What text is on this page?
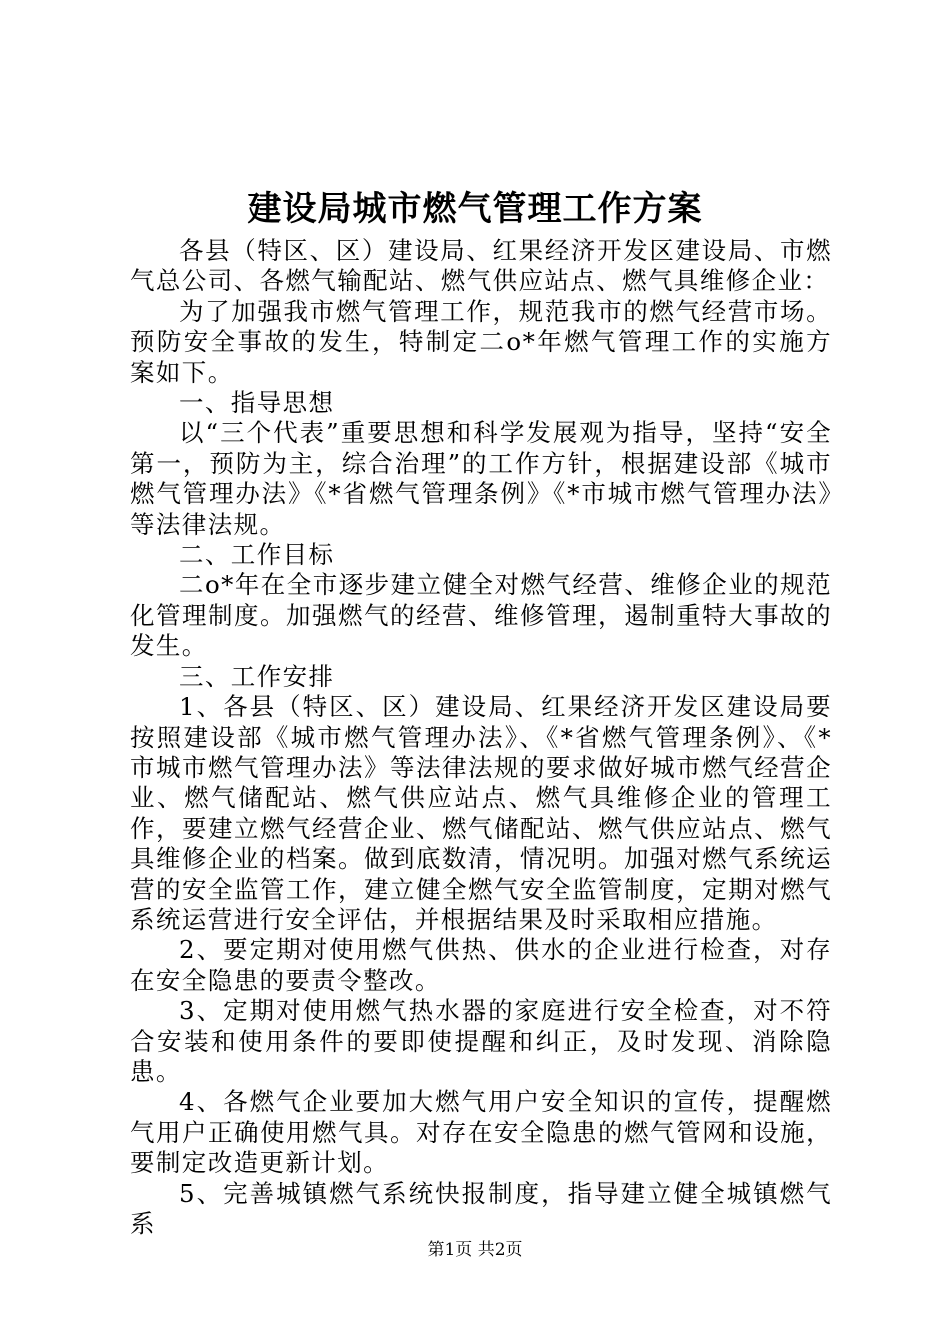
建设局城市燃气管理工作方案

各县（特区、区）建设局、红果经济开发区建设局、市燃气总公司、各燃气输配站、燃气供应站点、燃气具维修企业：

为了加强我市燃气管理工作，规范我市的燃气经营市场。预防安全事故的发生，特制定二o*年燃气管理工作的实施方案如下。

一、指导思想

以“三个代表”重要思想和科学发展观为指导，坚持“安全第一，预防为主，综合治理”的工作方针，根据建设部《城市燃气管理办法》《*省燃气管理条例》《*市城市燃气管理办法》等法律法规。

二、工作目标

二o*年在全市逐步建立健全对燃气经营、维修企业的规范化管理制度。加强燃气的经营、维修管理，遏制重特大事故的发生。

三、工作安排

1、各县（特区、区）建设局、红果经济开发区建设局要按照建设部《城市燃气管理办法》、《*省燃气管理条例》、《*市城市燃气管理办法》等法律法规的要求做好城市燃气经营企业、燃气储配站、燃气供应站点、燃气具维修企业的管理工作，要建立燃气经营企业、燃气储配站、燃气供应站点、燃气具维修企业的档案。做到底数清，情况明。加强对燃气系统运营的安全监管工作，建立健全燃气安全监管制度，定期对燃气系统运营进行安全评估，并根据结果及时采取相应措施。

2、要定期对使用燃气供热、供水的企业进行检查，对存在安全隐患的要责令整改。

3、定期对使用燃气热水器的家庭进行安全检查，对不符合安装和使用条件的要即使提醒和纠正，及时发现、消除隐患。

4、各燃气企业要加大燃气用户安全知识的宣传，提醒燃气用户正确使用燃气具。对存在安全隐患的燃气管网和设施，要制定改造更新计划。

5、完善城镇燃气系统快报制度，指导建立健全城镇燃气系

第1页 共2页
